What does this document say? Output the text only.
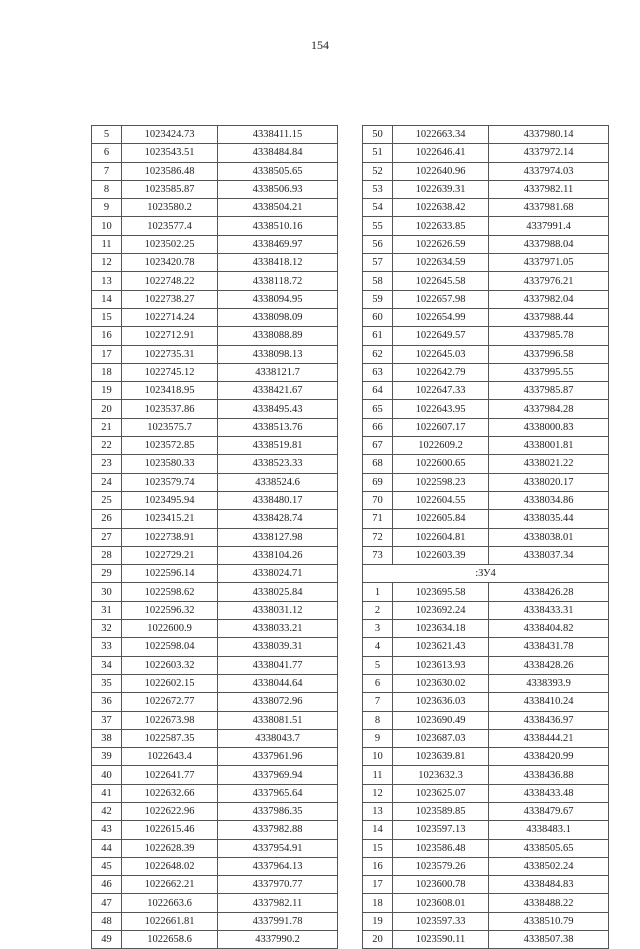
154
5	1023424.73	4338411.15
6	1023543.51	4338484.84
7	1023586.48	4338505.65
8	1023585.87	4338506.93
9	1023580.2	4338504.21
10	1023577.4	4338510.16
11	1023502.25	4338469.97
12	1023420.78	4338418.12
13	1022748.22	4338118.72
14	1022738.27	4338094.95
15	1022714.24	4338098.09
16	1022712.91	4338088.89
17	1022735.31	4338098.13
18	1022745.12	4338121.7
19	1023418.95	4338421.67
20	1023537.86	4338495.43
21	1023575.7	4338513.76
22	1023572.85	4338519.81
23	1023580.33	4338523.33
24	1023579.74	4338524.6
25	1023495.94	4338480.17
26	1023415.21	4338428.74
27	1022738.91	4338127.98
28	1022729.21	4338104.26
29	1022596.14	4338024.71
30	1022598.62	4338025.84
31	1022596.32	4338031.12
32	1022600.9	4338033.21
33	1022598.04	4338039.31
34	1022603.32	4338041.77
35	1022602.15	4338044.64
36	1022672.77	4338072.96
37	1022673.98	4338081.51
38	1022587.35	4338043.7
39	1022643.4	4337961.96
40	1022641.77	4337969.94
41	1022632.66	4337965.64
42	1022622.96	4337986.35
43	1022615.46	4337982.88
44	1022628.39	4337954.91
45	1022648.02	4337964.13
46	1022662.21	4337970.77
47	1022663.6	4337982.11
48	1022661.81	4337991.78
49	1022658.6	4337990.2
50	1022663.34	4337980.14
51	1022646.41	4337972.14
52	1022640.96	4337974.03
53	1022639.31	4337982.11
54	1022638.42	4337981.68
55	1022633.85	4337991.4
56	1022626.59	4337988.04
57	1022634.59	4337971.05
58	1022645.58	4337976.21
59	1022657.98	4337982.04
60	1022654.99	4337988.44
61	1022649.57	4337985.78
62	1022645.03	4337996.58
63	1022642.79	4337995.55
64	1022647.33	4337985.87
65	1022643.95	4337984.28
66	1022607.17	4338000.83
67	1022609.2	4338001.81
68	1022600.65	4338021.22
69	1022598.23	4338020.17
70	1022604.55	4338034.86
71	1022605.84	4338035.44
72	1022604.81	4338038.01
73	1022603.39	4338037.34
:ЗУ4		
1	1023695.58	4338426.28
2	1023692.24	4338433.31
3	1023634.18	4338404.82
4	1023621.43	4338431.78
5	1023613.93	4338428.26
6	1023630.02	4338393.9
7	1023636.03	4338410.24
8	1023690.49	4338436.97
9	1023687.03	4338444.21
10	1023639.81	4338420.99
11	1023632.3	4338436.88
12	1023625.07	4338433.48
13	1023589.85	4338479.67
14	1023597.13	4338483.1
15	1023586.48	4338505.65
16	1023579.26	4338502.24
17	1023600.78	4338484.83
18	1023608.01	4338488.22
19	1023597.33	4338510.79
20	1023590.11	4338507.38
